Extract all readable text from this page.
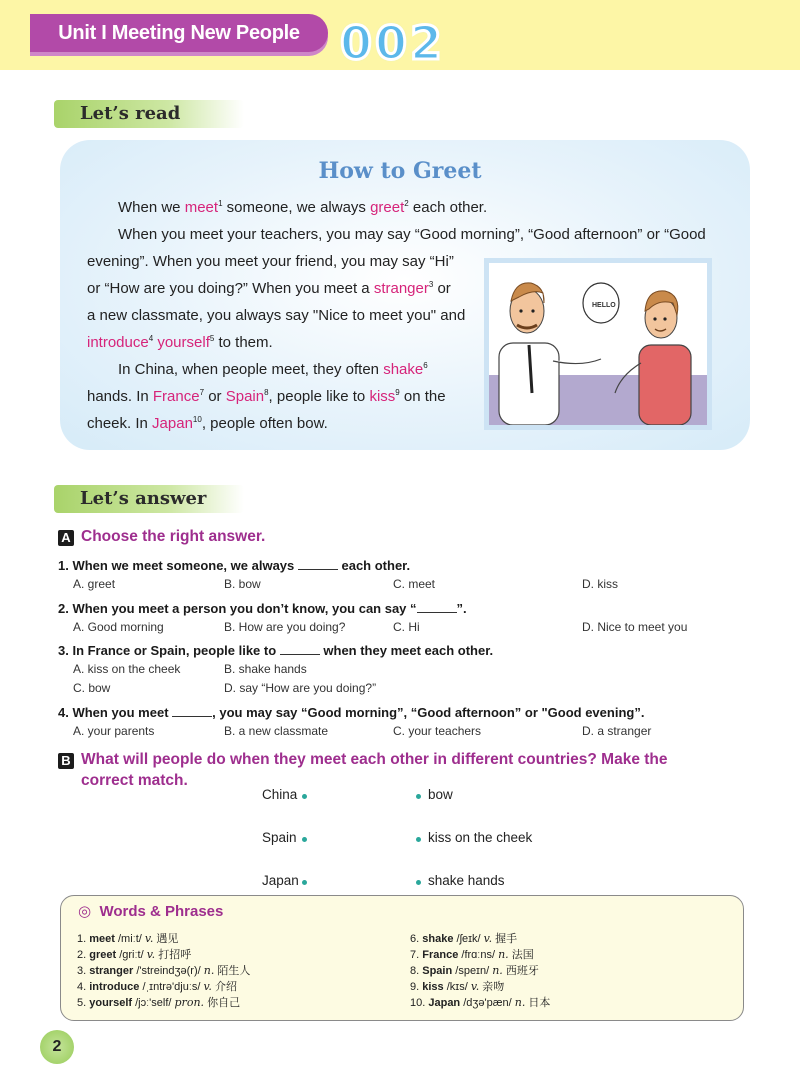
Unit I Meeting New People 002
Let’s read
How to Greet
When we meet$^1$ someone, we always greet$^2$ each other.
When you meet your teachers, you may say “Good morning”, “Good afternoon” or “Good
evening”. When you meet your friend, you may say “Hi”
or “How are you doing?” When you meet a stranger$^3$ or
a new classmate, you always say "Nice to meet you" and
introduce$^4$ yourself$^5$ to them.
In China, when people meet, they often shake$^6$
hands. In France$^7$ or Spain$^8$, people like to kiss$^9$ on the
cheek. In Japan$^{10}$, people often bow.
HELLO
Let’s answer
A Choose the right answer.
1. When we meet someone, we always	each other.
A. greet	B. bow	C. meet	D. kiss
2. When you meet a person you don’t know, you can say “	”.
A. Good morning	B. How are you doing?	C. Hi	D. Nice to meet you
3. In France or Spain, people like to	when they meet each other.
A. kiss on the cheek	B. shake hands
C. bow	D. say “How are you doing?”
4. When you meet	, you may say “Good morning”, “Good afternoon” or "Good evening”.
A. your parents	B. a new classmate	C. your teachers	D. a stranger
B What will people do when they meet each other in different countries? Make the
correct match.
China
Spain
Japan
bow
kiss on the cheek
shake hands
◎ Words & Phrases
1. meet /miːt/ v. 遇见
2. greet /ɡriːt/ v. 打招呼
3. stranger /'streindʒə(r)/ n. 陌生人
4. introduce /ˌɪntrə'djuːs/ v. 介绍
5. yourself /jɔː'self/ pron. 你自己
6. shake /ʃeɪk/ v. 握手
7. France /frɑːns/ n. 法国
8. Spain /speɪn/ n. 西班牙
9. kiss /kɪs/ v. 亲吻
10. Japan /dʒə'pæn/ n. 日本
2
